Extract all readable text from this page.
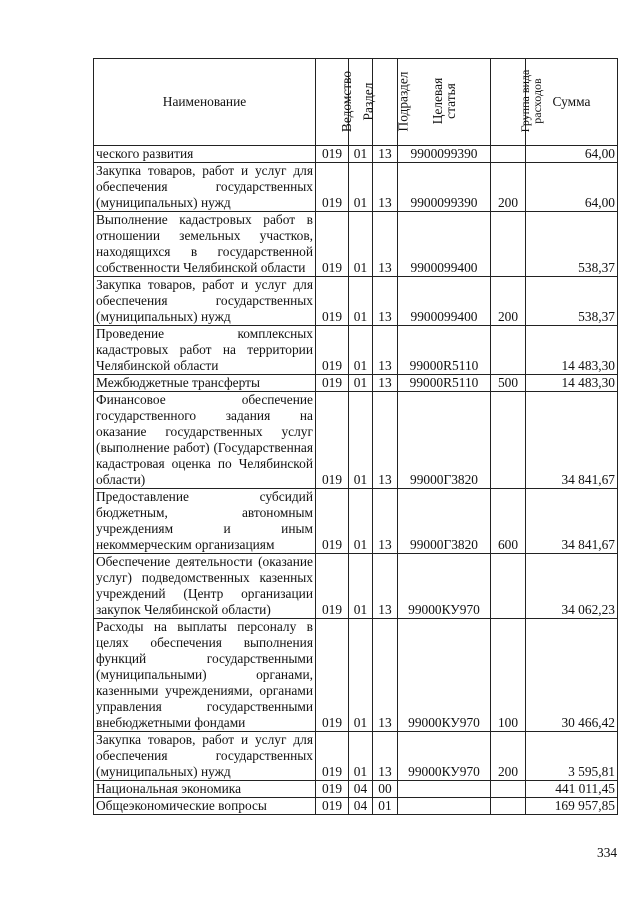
Наименование	Ведомство	Раздел	Подраздел	Целевая статья	Группа вида расходов	Сумма
ческого развития	019	01	13	9900099390		64,00
Закупка товаров, работ и услуг для обеспечения государственных (муниципальных) нужд	019	01	13	9900099390	200	64,00
Выполнение кадастровых работ в отношении земельных участков, находящихся в государственной собственности Челябинской области	019	01	13	9900099400		538,37
Закупка товаров, работ и услуг для обеспечения государственных (муниципальных) нужд	019	01	13	9900099400	200	538,37
Проведение комплексных кадастровых работ на территории Челябинской области	019	01	13	99000R5110		14 483,30
Межбюджетные трансферты	019	01	13	99000R5110	500	14 483,30
Финансовое обеспечение государственного задания на оказание государственных услуг (выполнение работ) (Государственная кадастровая оценка по Челябинской области)	019	01	13	99000Г3820		34 841,67
Предоставление субсидий бюджетным, автономным учреждениям и иным некоммерческим организациям	019	01	13	99000Г3820	600	34 841,67
Обеспечение деятельности (оказание услуг) подведомственных казенных учреждений (Центр организации закупок Челябинской области)	019	01	13	99000КУ970		34 062,23
Расходы на выплаты персоналу в целях обеспечения выполнения функций государственными (муниципальными) органами, казенными учреждениями, органами управления государственными внебюджетными фондами	019	01	13	99000КУ970	100	30 466,42
Закупка товаров, работ и услуг для обеспечения государственных (муниципальных) нужд	019	01	13	99000КУ970	200	3 595,81
Национальная экономика	019	04	00			441 011,45
Общеэкономические вопросы	019	04	01			169 957,85
334
